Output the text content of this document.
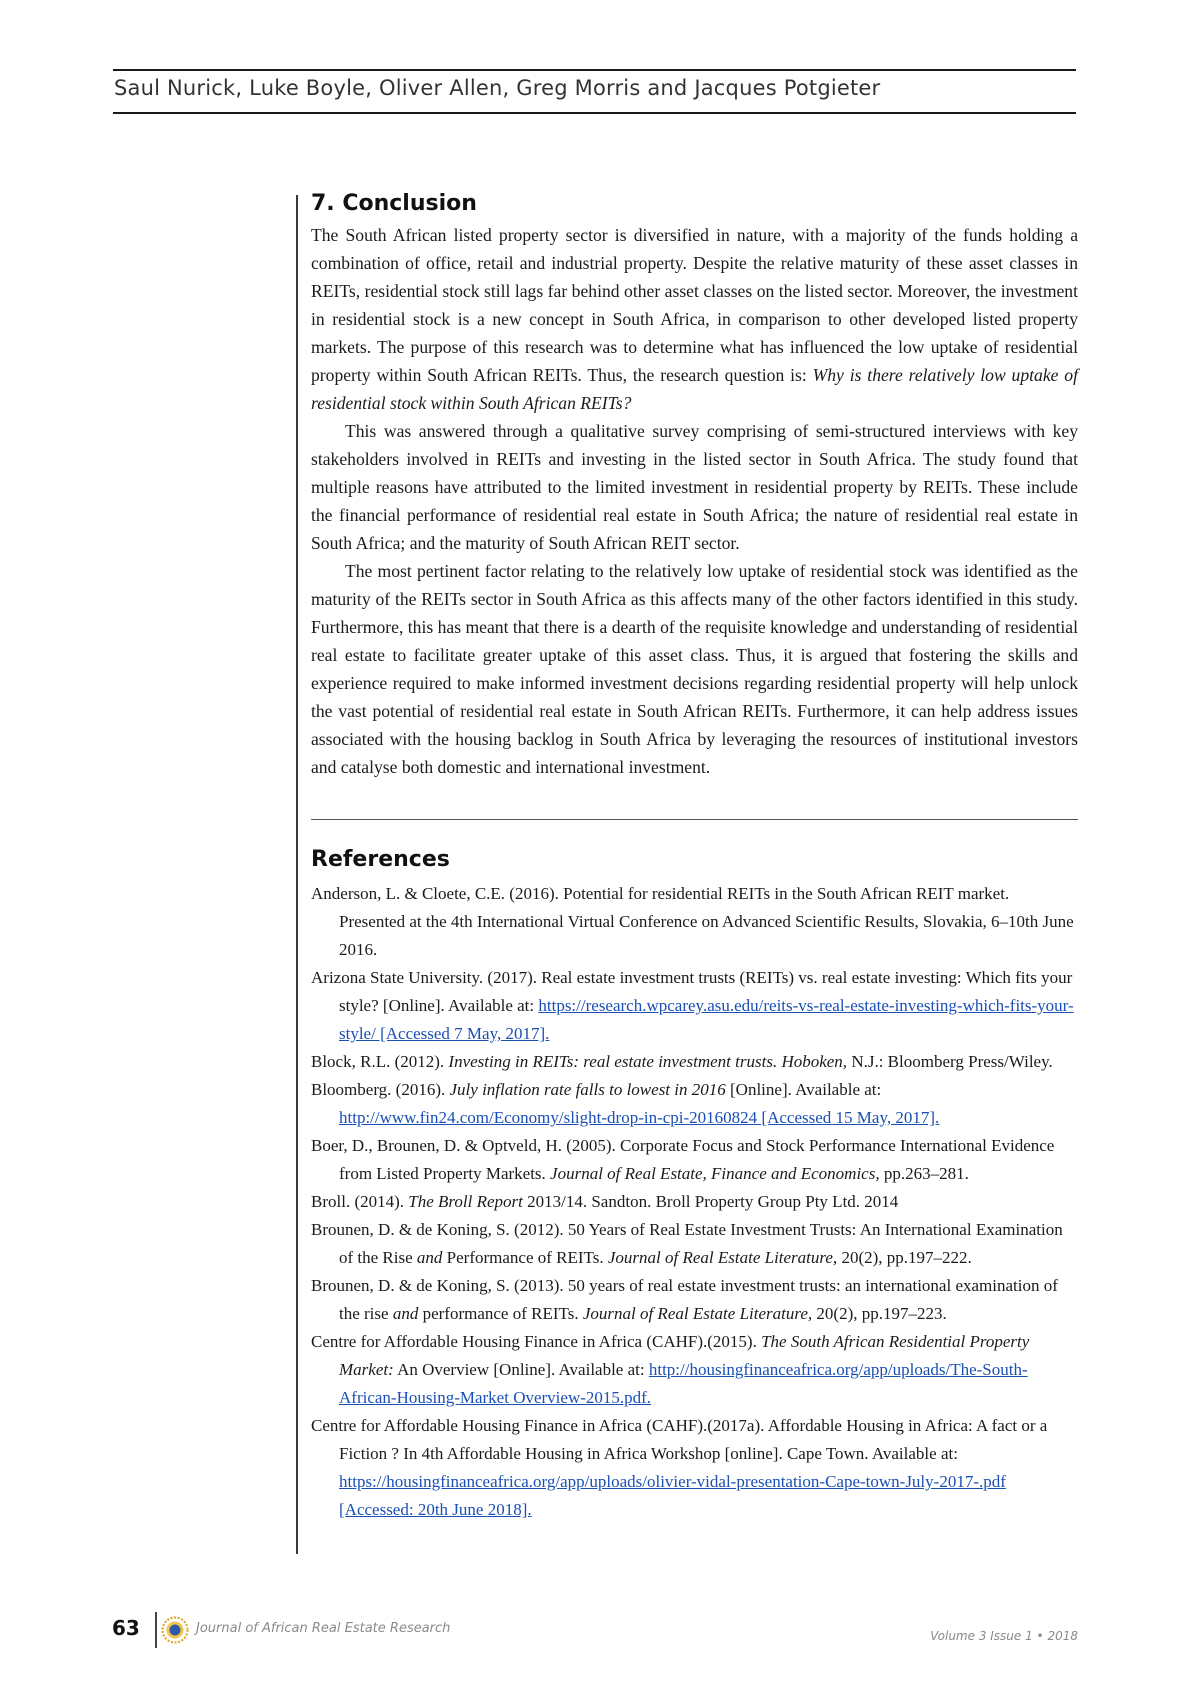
Saul Nurick, Luke Boyle, Oliver Allen, Greg Morris and Jacques Potgieter
7. Conclusion

The South African listed property sector is diversified in nature, with a majority of the funds holding a combination of office, retail and industrial property. Despite the relative maturity of these asset classes in REITs, residential stock still lags far behind other asset classes on the listed sector. Moreover, the investment in residential stock is a new concept in South Africa, in comparison to other developed listed property markets. The purpose of this research was to determine what has influenced the low uptake of residential property within South African REITs. Thus, the research question is: Why is there relatively low uptake of residential stock within South African REITs?

This was answered through a qualitative survey comprising of semi-structured interviews with key stakeholders involved in REITs and investing in the listed sector in South Africa. The study found that multiple reasons have attributed to the limited investment in residential property by REITs. These include the financial performance of residential real estate in South Africa; the nature of residential real estate in South Africa; and the maturity of South African REIT sector.

The most pertinent factor relating to the relatively low uptake of residential stock was identified as the maturity of the REITs sector in South Africa as this affects many of the other factors identified in this study. Furthermore, this has meant that there is a dearth of the requisite knowledge and understanding of residential real estate to facilitate greater uptake of this asset class. Thus, it is argued that fostering the skills and experience required to make informed investment decisions regarding residential property will help unlock the vast potential of residential real estate in South African REITs. Furthermore, it can help address issues associated with the housing backlog in South Africa by leveraging the resources of institutional investors and catalyse both domestic and international investment.

References
Anderson, L. & Cloete, C.E. (2016). Potential for residential REITs in the South African REIT market. Presented at the 4th International Virtual Conference on Advanced Scientific Results, Slovakia, 6–10th June 2016.
Arizona State University. (2017). Real estate investment trusts (REITs) vs. real estate investing: Which fits your style? [Online]. Available at: https://research.wpcarey.asu.edu/reits-vs-real-estate-investing-which-fits-your-style/ [Accessed 7 May, 2017].
Block, R.L. (2012). Investing in REITs: real estate investment trusts. Hoboken, N.J.: Bloomberg Press/Wiley.
Bloomberg. (2016). July inflation rate falls to lowest in 2016 [Online]. Available at: http://www.fin24.com/Economy/slight-drop-in-cpi-20160824 [Accessed 15 May, 2017].
Boer, D., Brounen, D. & Optveld, H. (2005). Corporate Focus and Stock Performance International Evidence from Listed Property Markets. Journal of Real Estate, Finance and Economics, pp.263–281.
Broll. (2014). The Broll Report 2013/14. Sandton. Broll Property Group Pty Ltd. 2014
Brounen, D. & de Koning, S. (2012). 50 Years of Real Estate Investment Trusts: An International Examination of the Rise and Performance of REITs. Journal of Real Estate Literature, 20(2), pp.197–222.
Brounen, D. & de Koning, S. (2013). 50 years of real estate investment trusts: an international examination of the rise and performance of REITs. Journal of Real Estate Literature, 20(2), pp.197–223.
Centre for Affordable Housing Finance in Africa (CAHF).(2015). The South African Residential Property Market: An Overview [Online]. Available at: http://housingfinanceafrica.org/app/uploads/The-South-African-Housing-Market Overview-2015.pdf.
Centre for Affordable Housing Finance in Africa (CAHF).(2017a). Affordable Housing in Africa: A fact or a Fiction ? In 4th Affordable Housing in Africa Workshop [online]. Cape Town. Available at: https://housingfinanceafrica.org/app/uploads/olivier-vidal-presentation-Cape-town-July-2017-.pdf [Accessed: 20th June 2018].
63	Journal of African Real Estate Research	Volume 3 Issue 1 • 2018
